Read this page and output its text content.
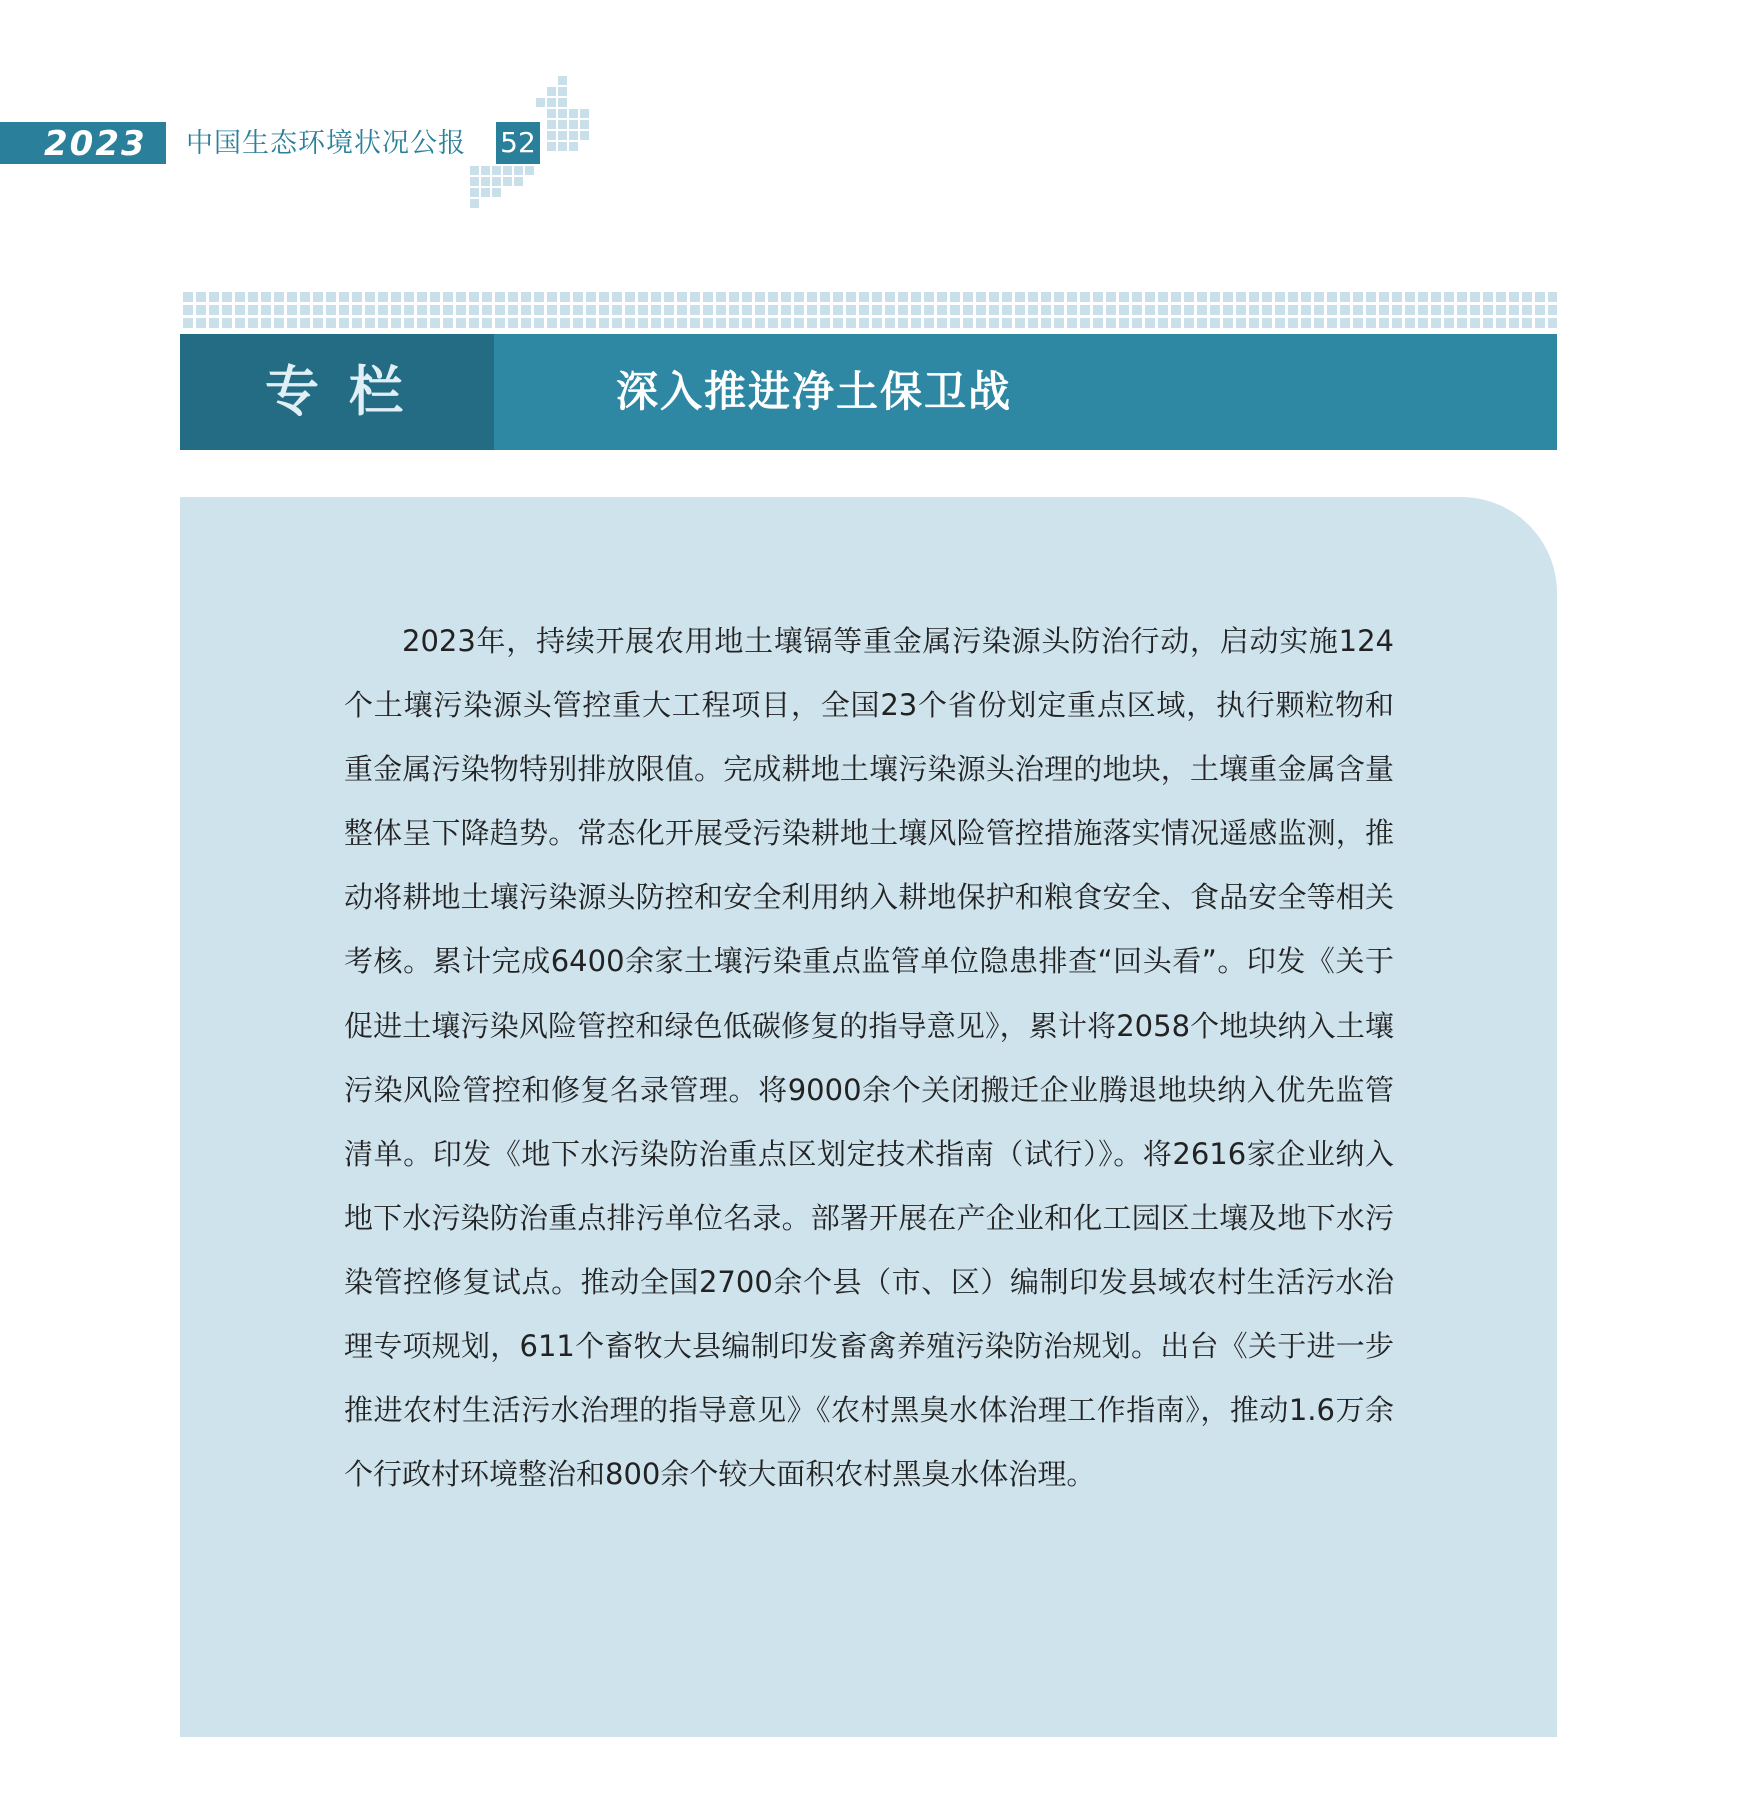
2023 中国生态环境状况公报 52
专栏	深入推进净土保卫战

2023年，持续开展农用地土壤镉等重金属污染源头防治行动，启动实施124个土壤污染源头管控重大工程项目，全国23个省份划定重点区域，执行颗粒物和重金属污染物特别排放限值。完成耕地土壤污染源头治理的地块，土壤重金属含量整体呈下降趋势。常态化开展受污染耕地土壤风险管控措施落实情况遥感监测，推动将耕地土壤污染源头防控和安全利用纳入耕地保护和粮食安全、食品安全等相关考核。累计完成6400余家土壤污染重点监管单位隐患排查“回头看”。印发《关于促进土壤污染风险管控和绿色低碳修复的指导意见》，累计将2058个地块纳入土壤污染风险管控和修复名录管理。将9000余个关闭搬迁企业腾退地块纳入优先监管清单。印发《地下水污染防治重点区划定技术指南（试行）》。将2616家企业纳入地下水污染防治重点排污单位名录。部署开展在产企业和化工园区土壤及地下水污染管控修复试点。推动全国2700余个县（市、区）编制印发县域农村生活污水治理专项规划，611个畜牧大县编制印发畜禽养殖污染防治规划。出台《关于进一步推进农村生活污水治理的指导意见》《农村黑臭水体治理工作指南》，推动1.6万余个行政村环境整治和800余个较大面积农村黑臭水体治理。
